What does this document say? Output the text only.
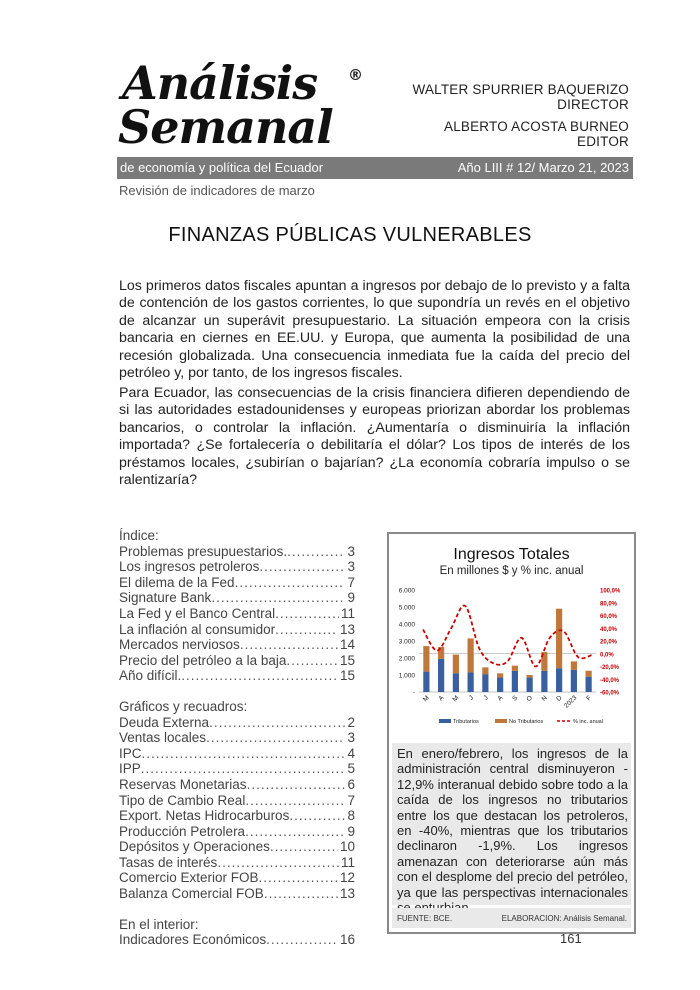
Análisis
Semanal
®
WALTER SPURRIER BAQUERIZO
DIRECTOR
ALBERTO ACOSTA BURNEO
EDITOR
de economía y política del Ecuador	Año LIII # 12/ Marzo 21, 2023
Revisión de indicadores de marzo
FINANZAS PÚBLICAS VULNERABLES

Los primeros datos fiscales apuntan a ingresos por debajo de lo previsto y a falta de contención de los gastos corrientes, lo que supondría un revés en el objetivo de alcanzar un superávit presupuestario. La situación empeora con la crisis bancaria en ciernes en EE.UU. y Europa, que aumenta la posibilidad de una recesión globalizada. Una consecuencia inmediata fue la caída del precio del petróleo y, por tanto, de los ingresos fiscales.

Para Ecuador, las consecuencias de la crisis financiera difieren dependiendo de si las autoridades estadounidenses y europeas priorizan abordar los problemas bancarios, o controlar la inflación. ¿Aumentaría o disminuiría la inflación importada? ¿Se fortalecería o debilitaría el dólar? Los tipos de interés de los préstamos locales, ¿subirían o bajarían? ¿La economía cobraría impulso o se ralentizaría?

Índice:
Problemas presupuestarios. .....	3
Los ingresos petroleros .....	3
El dilema de la Fed .....	7
Signature Bank .....	9
La Fed y el Banco Central .....	11
La inflación al consumidor .....	13
Mercados nerviosos .....	14
Precio del petróleo a la baja .....	15
Año difícil. .....	15
Gráficos y recuadros:
Deuda Externa .....	2
Ventas locales .....	3
IPC .....	4
IPP .....	5
Reservas Monetarias .....	6
Tipo de Cambio Real .....	7
Export. Netas Hidrocarburos .....	8
Producción Petrolera .....	9
Depósitos y Operaciones .....	10
Tasas de interés .....	11
Comercio Exterior FOB .....	12
Balanza Comercial FOB .....	13
En el interior:
Indicadores Económicos .....	16
Ingresos Totales
En millones $ y % inc. anual
-
1.000
2.000
3.000
4.000
5.000
6.000
-60,0%
-40,0%
-20,0%
0,0%
20,0%
40,0%
60,0%
80,0%
100,0%
M A M J J A S O N D 2023 F
Tributarios	No Tributarios	% inc. anual

En enero/febrero, los ingresos de la administración central disminuyeron - 12,9% interanual debido sobre todo a la caída de los ingresos no tributarios entre los que destacan los petroleros, en -40%, mientras que los tributarios declinaron -1,9%. Los ingresos amenazan con deteriorarse aún más con el desplome del precio del petróleo, ya que las perspectivas internacionales

FUENTE: BCE.	ELABORACION: Análisis Semanal.
161
